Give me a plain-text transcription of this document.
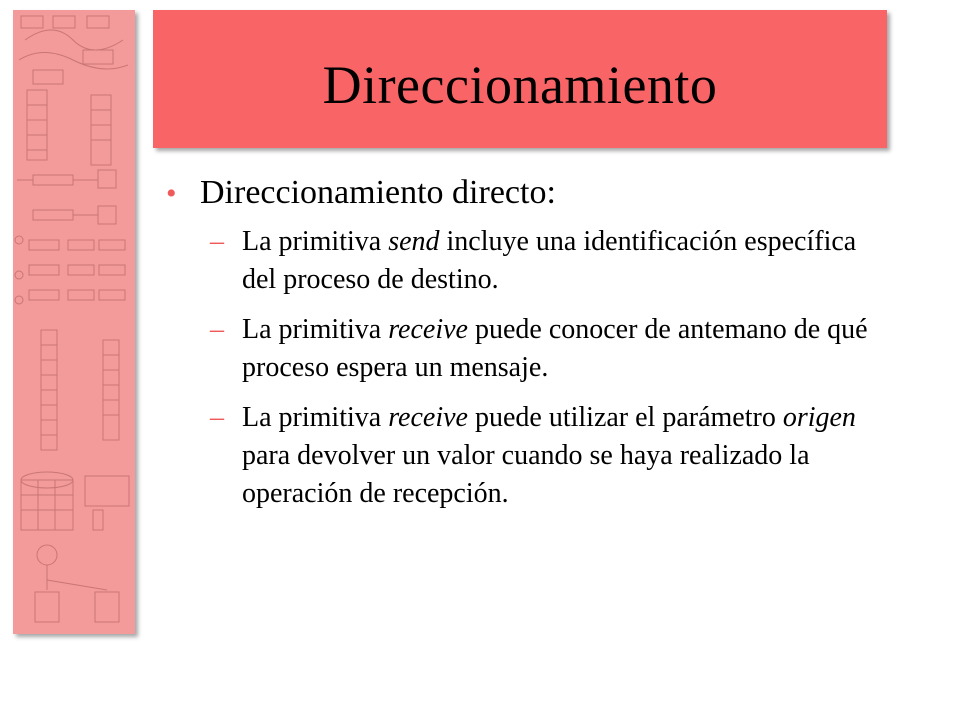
Direccionamiento
• Direccionamiento directo:
– La primitiva send incluye una identificación específica del proceso de destino.
– La primitiva receive puede conocer de antemano de qué proceso espera un mensaje.
– La primitiva receive puede utilizar el parámetro origen para devolver un valor cuando se haya realizado la operación de recepción.
